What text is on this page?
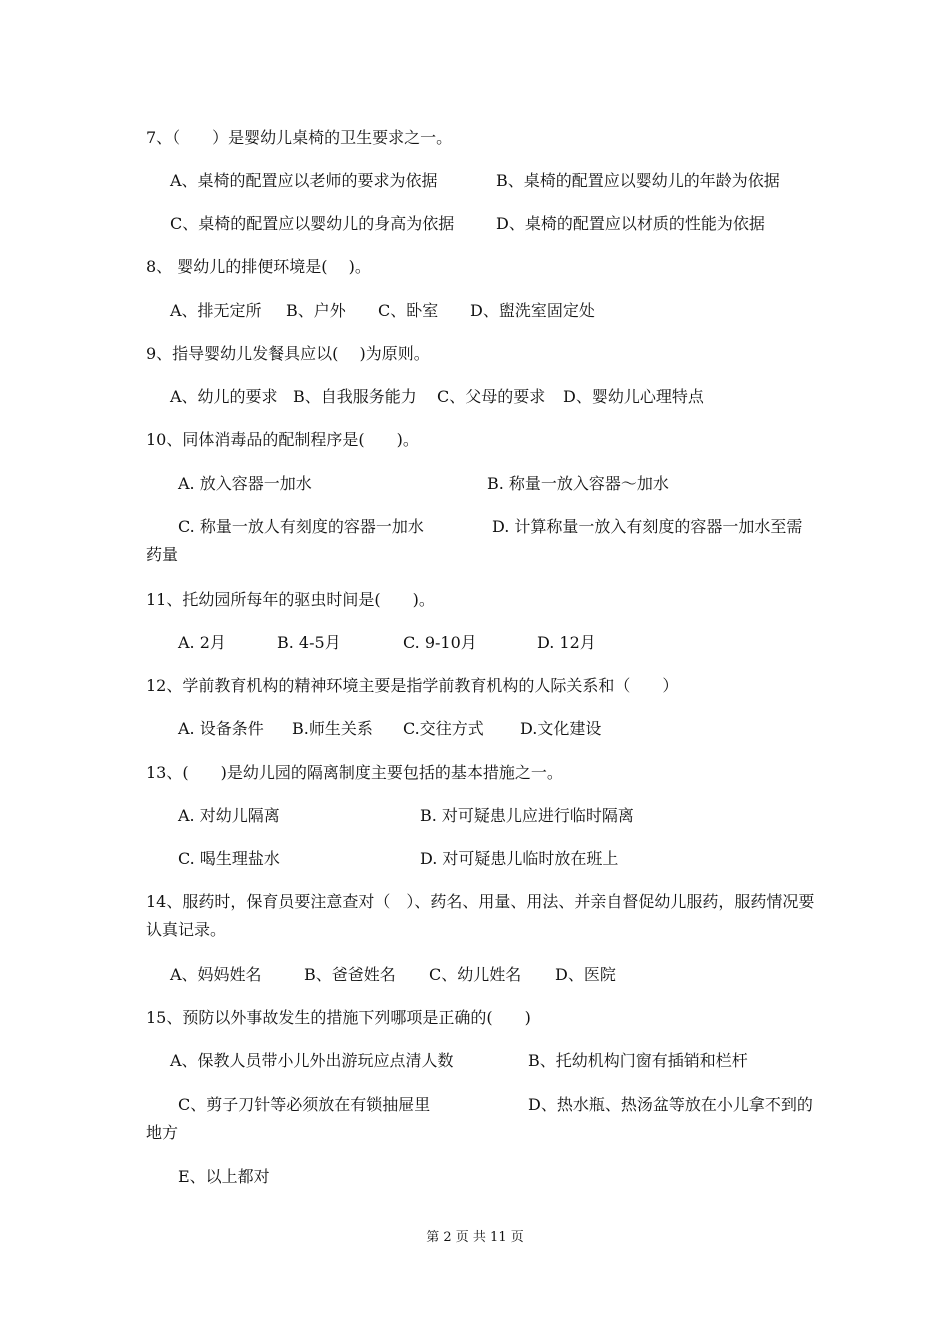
7、（　　）是婴幼儿桌椅的卫生要求之一。
A、桌椅的配置应以老师的要求为依据	B、桌椅的配置应以婴幼儿的年龄为依据
C、桌椅的配置应以婴幼儿的身高为依据	D、桌椅的配置应以材质的性能为依据
8、 婴幼儿的排便环境是(　 )。
A、排无定所 B、户外 C、卧室 D、盥洗室固定处
9、指导婴幼儿发餐具应以(　 )为原则。
A、幼儿的要求 B、自我服务能力 C、父母的要求 D、婴幼儿心理特点
10、同体消毒品的配制程序是(　　)。
A. 放入容器一加水	B. 称量一放入容器～加水
C. 称量一放人有刻度的容器一加水	D. 计算称量一放入有刻度的容器一加水至需药量
11、托幼园所每年的驱虫时间是(　　)。
A. 2月	B. 4-5月	C. 9-10月	D. 12月
12、学前教育机构的精神环境主要是指学前教育机构的人际关系和（　　）
A. 设备条件 B.师生关系 C.交往方式 D.文化建设
13、(　　)是幼儿园的隔离制度主要包括的基本措施之一。
A. 对幼儿隔离	B. 对可疑患儿应进行临时隔离
C. 喝生理盐水	D. 对可疑患儿临时放在班上
14、服药时，保育员要注意查对（　）、药名、用量、用法、并亲自督促幼儿服药，服药情况要认真记录。
A、妈妈姓名	B、爸爸姓名 C、幼儿姓名 D、医院
15、预防以外事故发生的措施下列哪项是正确的(　　)
A、保教人员带小儿外出游玩应点清人数	B、托幼机构门窗有插销和栏杆
C、剪子刀针等必须放在有锁抽屉里	D、热水瓶、热汤盆等放在小儿拿不到的地方
E、以上都对
第 2 页 共 11 页
